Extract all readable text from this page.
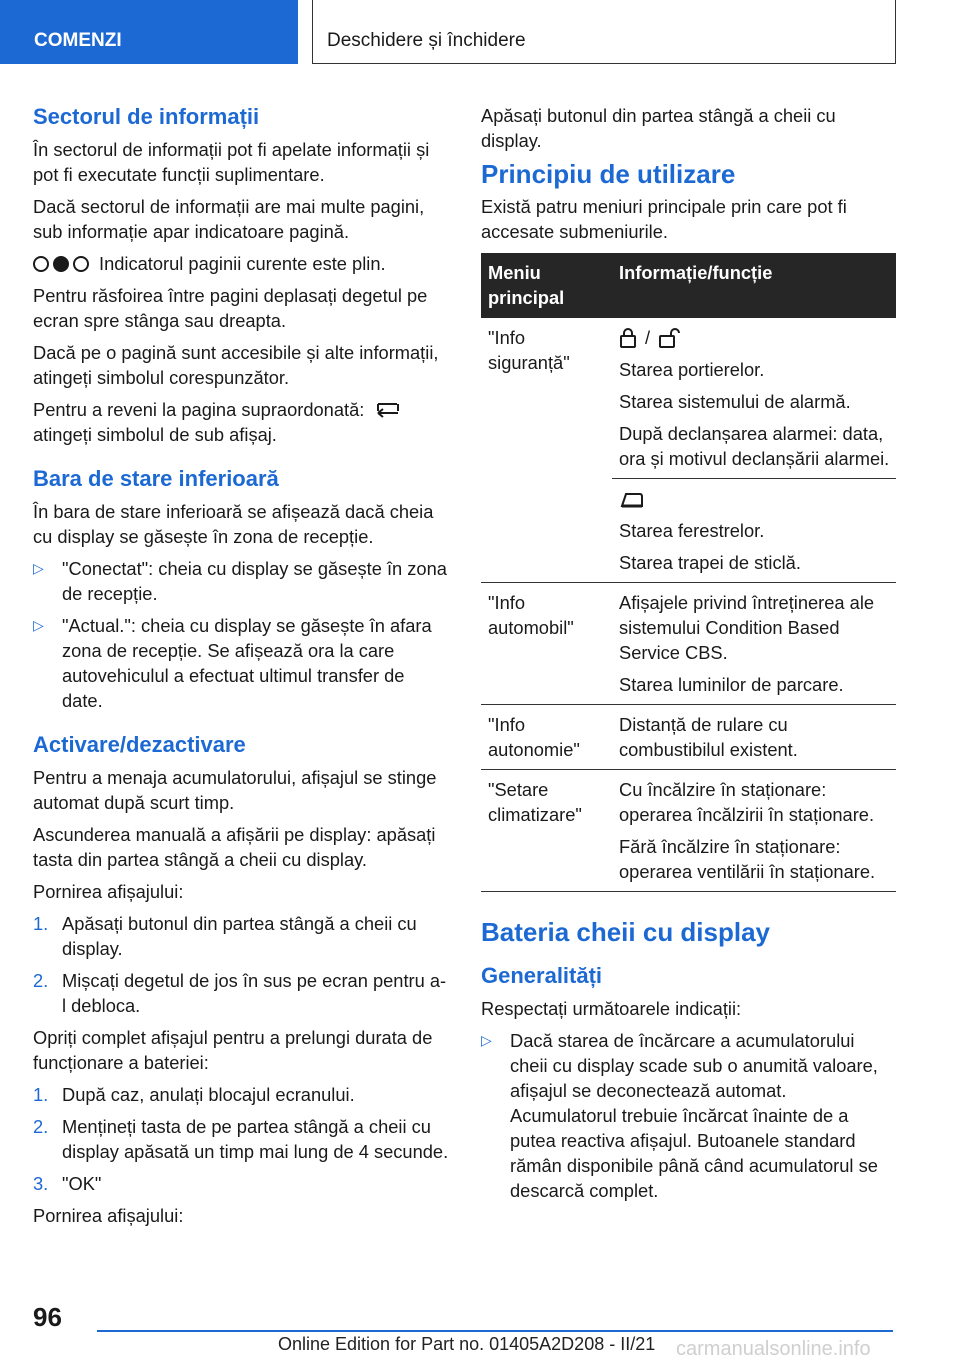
COMENZI	Deschidere și închidere
Sectorul de informații

În sectorul de informații pot fi apelate informații și pot fi executate funcții suplimentare.

Dacă sectorul de informații are mai multe pagini, sub informație apar indicatoare pagină.

Indicatorul paginii curente este plin.

Pentru răsfoirea între pagini deplasați degetul pe ecran spre stânga sau dreapta.

Dacă pe o pagină sunt accesibile și alte informații, atingeți simbolul corespunzător.

Pentru a reveni la pagina supraordonată:
atingeți simbolul de sub afișaj.

Bara de stare inferioară

În bara de stare inferioară se afișează dacă cheia cu display se găsește în zona de recepție.

▷ "Conectat": cheia cu display se găsește în zona de recepție.
▷ "Actual.": cheia cu display se găsește în afara zona de recepție. Se afișează ora la care autovehiculul a efectuat ultimul transfer de date.
Activare/dezactivare

Pentru a menaja acumulatorului, afișajul se stinge automat după scurt timp.

Ascunderea manuală a afișării pe display: apăsați tasta din partea stângă a cheii cu display.

Pornirea afișajului:

1. Apăsați butonul din partea stângă a cheii cu display.
2. Mișcați degetul de jos în sus pe ecran pentru a-l debloca.

Opriți complet afișajul pentru a prelungi durata de funcționare a bateriei:

1. După caz, anulați blocajul ecranului.
2. Mențineți tasta de pe partea stângă a cheii cu display apăsată un timp mai lung de 4 secunde.
3. "OK"

Pornirea afișajului:

Apăsați butonul din partea stângă a cheii cu display.

Principiu de utilizare

Există patru meniuri principale prin care pot fi accesate submeniurile.

Meniu principal	Informație/funcție
"Info siguranță"	/

Starea portierelor.

Starea sistemului de alarmă.

După declanșarea alarmei: data, ora și motivul declanșării alarmei.

	Starea ferestrelor.

Starea trapei de sticlă.

"Info automobil"	Afișajele privind întreținerea ale sistemului Condition Based Service CBS.

Starea luminilor de parcare.

"Info autonomie"	Distanță de rulare cu combustibilul existent.

"Setare climatizare"	Cu încălzire în staționare: operarea încălzirii în staționare.

Fără încălzire în staționare: operarea ventilării în staționare.

Bateria cheii cu display
Generalități

Respectați următoarele indicații:

▷ Dacă starea de încărcare a acumulatorului cheii cu display scade sub o anumită valoare, afișajul se deconectează automat. Acumulatorul trebuie încărcat înainte de a putea reactiva afișajul. Butoanele standard rămân disponibile până când acumulatorul se descarcă complet.
96
Online Edition for Part no. 01405A2D208 - II/21 carmanualsonline.info
